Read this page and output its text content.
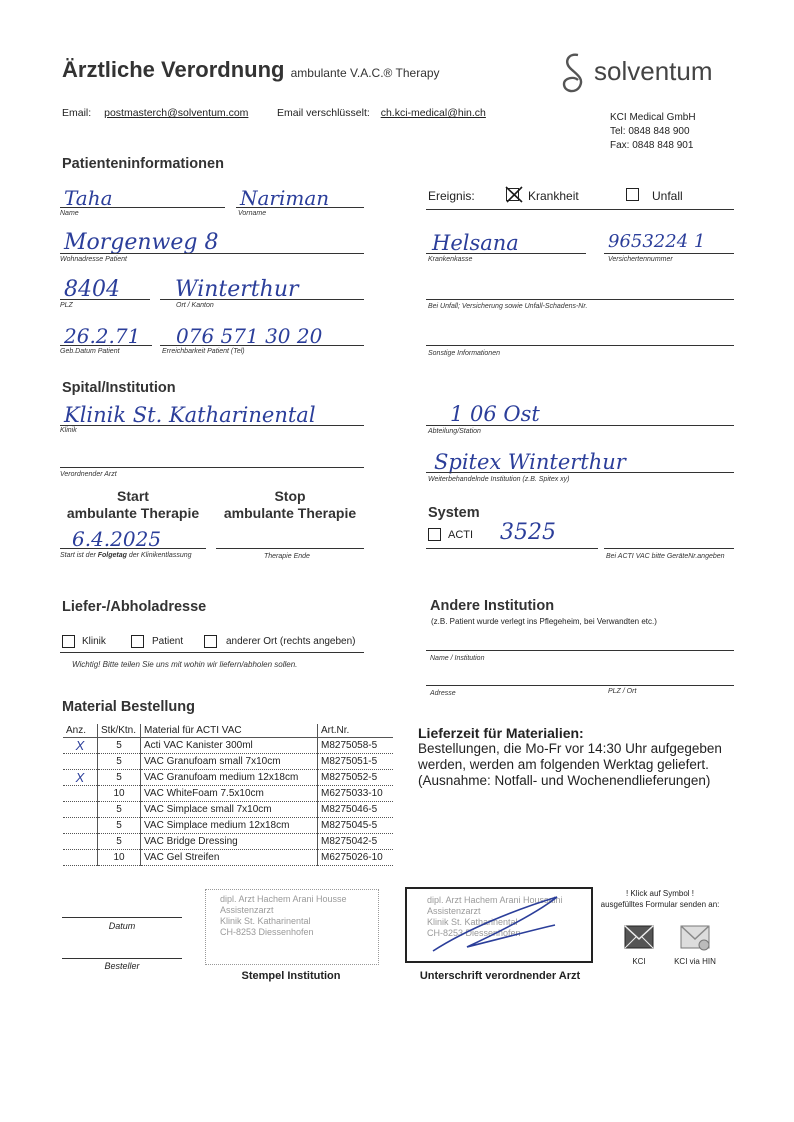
Ärztliche Verordnung ambulante V.A.C.® Therapy	solventum
Email: postmasterch@solventum.com	Email verschlüsselt: ch.kci-medical@hin.ch	KCI Medical GmbH
Tel: 0848 848 900
Fax: 0848 848 901
Patienteninformationen
Taha
Name
Nariman
Vorname
Morgenweg 8
Wohnadresse Patient
8404
PLZ
Winterthur
Ort / Kanton
26.2.71
Geb.Datum Patient
076 571 30 20
Erreichbarkeit Patient (Tel)
Ereignis:	Krankheit	Unfall
Helsana
Krankenkasse
9653224 1
Versichertennummer
Bei Unfall; Versicherung sowie Unfall-Schadens-Nr.
Sonstige Informationen
Spital/Institution
Klinik St. Katharinental
Klinik
Verordnender Arzt
1 06 Ost
Abteilung/Station
Spitex Winterthur
Weiterbehandelnde Institution (z.B. Spitex xy)
Start
ambulante Therapie
Stop
ambulante Therapie
6.4.2025
Start ist der Folgetag der Klinikentlassung	Therapie Ende
System
ACTI 3525
Bei ACTI VAC bitte GeräteNr.angeben
Liefer-/Abholadresse
Klinik	Patient	anderer Ort (rechts angeben)
Wichtig! Bitte teilen Sie uns mit wohin wir liefern/abholen sollen.
Andere Institution
(z.B. Patient wurde verlegt ins Pflegeheim, bei Verwandten etc.)
Name / Institution
Adresse	PLZ / Ort
Material Bestellung
Anz.	Stk/Ktn.	Material für ACTI VAC	Art.Nr.
X	5	Acti VAC Kanister 300ml	M8275058-5
	5	VAC Granufoam small 7x10cm	M8275051-5
X	5	VAC Granufoam medium 12x18cm	M8275052-5
	10	VAC WhiteFoam 7.5x10cm	M6275033-10
	5	VAC Simplace small 7x10cm	M8275046-5
	5	VAC Simplace medium 12x18cm	M8275045-5
	5	VAC Bridge Dressing	M8275042-5
	10	VAC Gel Streifen	M6275026-10
Lieferzeit für Materialien:
Bestellungen, die Mo-Fr vor 14:30 Uhr aufgegeben
werden, werden am folgenden Werktag geliefert.
(Ausnahme: Notfall- und Wochenendlieferungen)
Datum
Besteller
dipl. Arzt Hachem Arani Housse
Assistenzarzt
Klinik St. Katharinental
CH-8253 Diessenhofen
Stempel Institution
dipl. Arzt Hachem Arani Houssaini
Assistenzarzt
Klinik St. Katharinental
CH-8253 Diessenhofen
Unterschrift verordnender Arzt
! Klick auf Symbol !
ausgefülltes Formular senden an:
KCI	KCI via HIN
